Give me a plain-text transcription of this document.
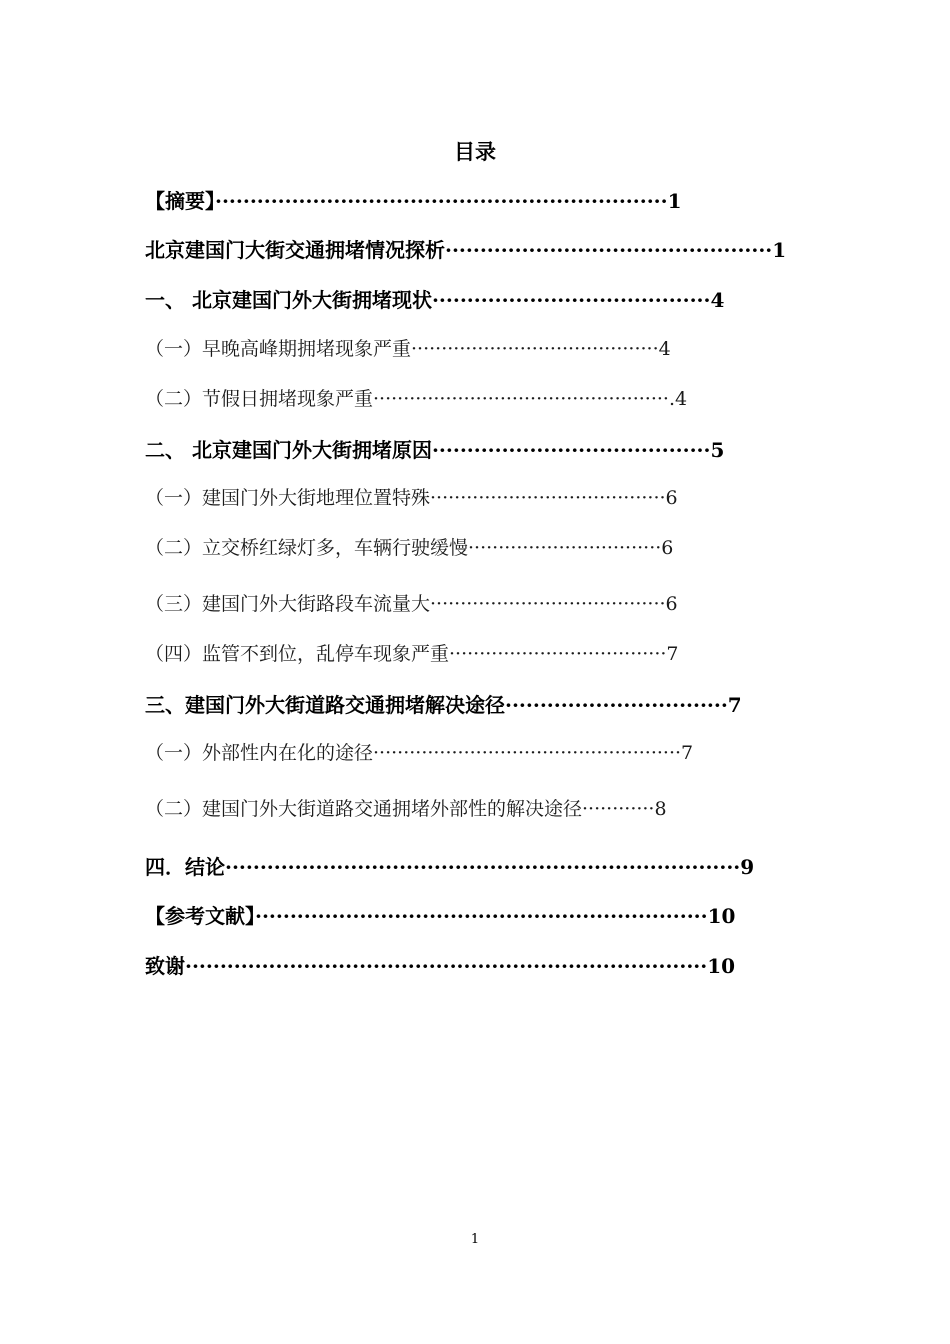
目录
【摘要】·································································1
北京建国门大街交通拥堵情况探析···············································1
一、 北京建国门外大街拥堵现状········································4
（一）早晚高峰期拥堵现象严重·········································4
（二）节假日拥堵现象严重·················································.4
二、 北京建国门外大街拥堵原因········································5
（一）建国门外大街地理位置特殊·······································6
（二）立交桥红绿灯多，车辆行驶缓慢································6
（三）建国门外大街路段车流量大·······································6
（四）监管不到位，乱停车现象严重····································7
三、建国门外大街道路交通拥堵解决途径································7
（一）外部性内在化的途径···················································7
（二）建国门外大街道路交通拥堵外部性的解决途径············8
四．结论··········································································9
【参考文献】·································································10
致谢···········································································10
1
